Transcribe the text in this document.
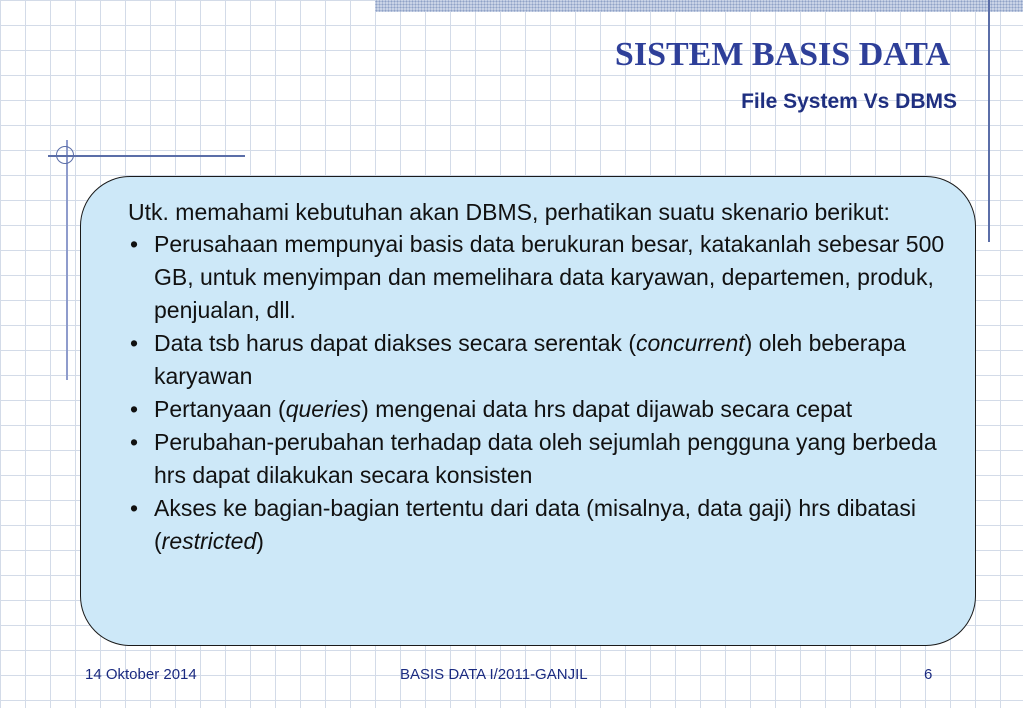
SISTEM BASIS DATA
File System Vs DBMS

Utk. memahami kebutuhan akan DBMS, perhatikan suatu skenario berikut:

• Perusahaan mempunyai basis data berukuran besar, katakanlah sebesar 500 GB, untuk menyimpan dan memelihara data karyawan, departemen, produk, penjualan, dll.
• Data tsb harus dapat diakses secara serentak (concurrent) oleh beberapa karyawan
• Pertanyaan (queries) mengenai data hrs dapat dijawab secara cepat
• Perubahan-perubahan terhadap data oleh sejumlah pengguna yang berbeda hrs dapat dilakukan secara konsisten
• Akses ke bagian-bagian tertentu dari data (misalnya, data gaji) hrs dibatasi (restricted)
14 Oktober 2014	BASIS DATA I/2011-GANJIL	6
